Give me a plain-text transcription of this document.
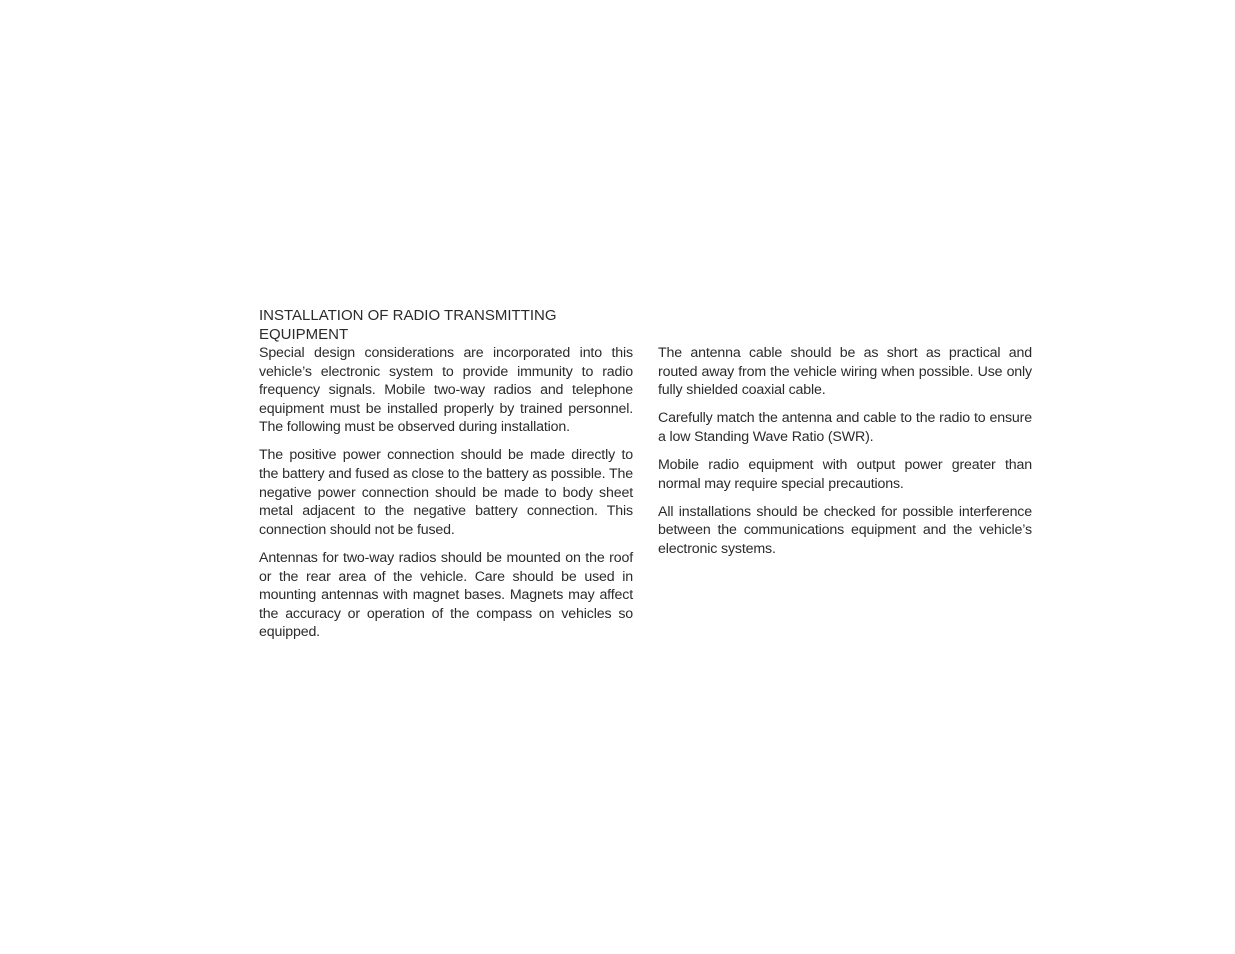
INSTALLATION OF RADIO TRANSMITTING EQUIPMENT

Special design considerations are incorporated into this vehicle’s electronic system to provide immunity to radio frequency signals. Mobile two-way radios and telephone equipment must be installed properly by trained personnel. The following must be observed during installation.

The positive power connection should be made directly to the battery and fused as close to the battery as possible. The negative power connection should be made to body sheet metal adjacent to the negative battery connection. This connection should not be fused.

Antennas for two-way radios should be mounted on the roof or the rear area of the vehicle. Care should be used in mounting antennas with magnet bases. Magnets may affect the accuracy or operation of the compass on vehicles so equipped.

The antenna cable should be as short as practical and routed away from the vehicle wiring when possible. Use only fully shielded coaxial cable.

Carefully match the antenna and cable to the radio to ensure a low Standing Wave Ratio (SWR).

Mobile radio equipment with output power greater than normal may require special precautions.

All installations should be checked for possible interference between the communications equipment and the vehicle’s electronic systems.
